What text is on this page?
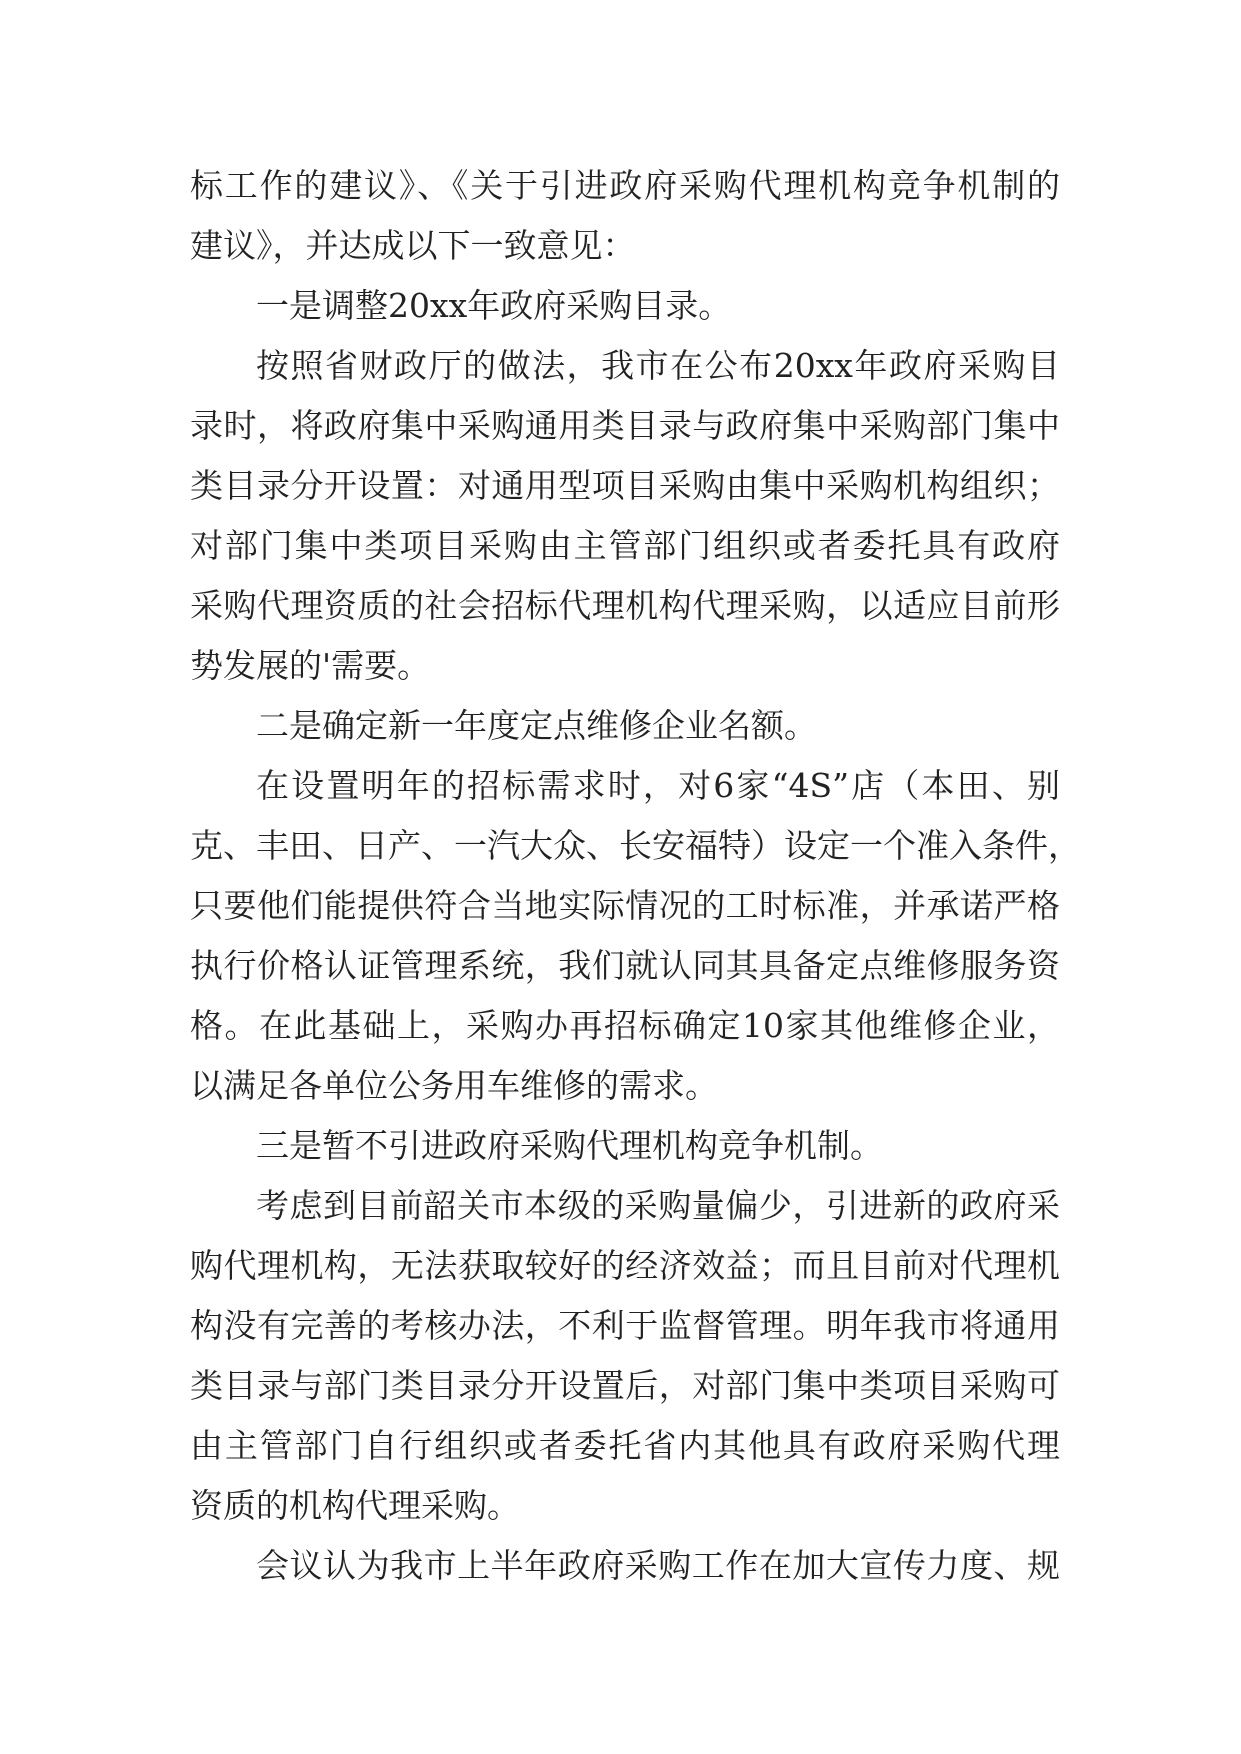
标工作的建议》、《关于引进政府采购代理机构竞争机制的
建议》，并达成以下一致意见：
一是调整20xx年政府采购目录。
按照省财政厅的做法，我市在公布20xx年政府采购目
录时，将政府集中采购通用类目录与政府集中采购部门集中
类目录分开设置：对通用型项目采购由集中采购机构组织；
对部门集中类项目采购由主管部门组织或者委托具有政府
采购代理资质的社会招标代理机构代理采购，以适应目前形
势发展的'需要。
二是确定新一年度定点维修企业名额。
在设置明年的招标需求时，对6家“4S”店（本田、别
克、丰田、日产、一汽大众、长安福特）设定一个准入条件，
只要他们能提供符合当地实际情况的工时标准，并承诺严格
执行价格认证管理系统，我们就认同其具备定点维修服务资
格。在此基础上，采购办再招标确定10家其他维修企业，
以满足各单位公务用车维修的需求。
三是暂不引进政府采购代理机构竞争机制。
考虑到目前韶关市本级的采购量偏少，引进新的政府采
购代理机构，无法获取较好的经济效益；而且目前对代理机
构没有完善的考核办法，不利于监督管理。明年我市将通用
类目录与部门类目录分开设置后，对部门集中类项目采购可
由主管部门自行组织或者委托省内其他具有政府采购代理
资质的机构代理采购。
会议认为我市上半年政府采购工作在加大宣传力度、规
